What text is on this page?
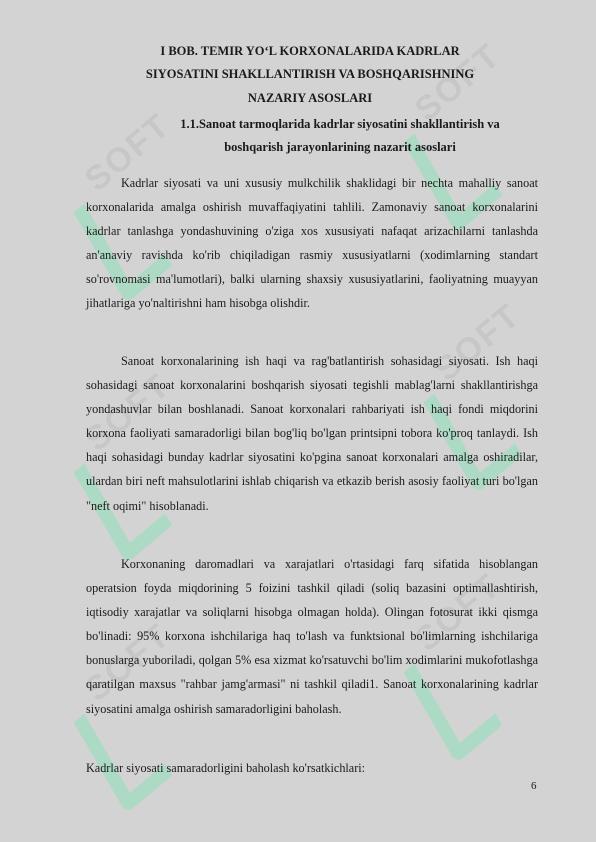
SOFT
SOFT
SOFT
SOFT
SOFT
SOFT
I BOB. TEMIR YO‘L KORXONALARIDA KADRLAR
SIYOSATINI SHAKLLANTIRISH VA BOSHQARISHNING
NAZARIY ASOSLARI
1.1.Sanoat tarmoqlarida kadrlar siyosatini shakllantirish va
boshqarish jarayonlarining nazarit asoslari

Kadrlar siyosati va uni xususiy mulkchilik shaklidagi bir nechta mahalliy sanoat korxonalarida amalga oshirish muvaffaqiyatini tahlili. Zamonaviy sanoat korxonalarini kadrlar tanlashga yondashuvining o'ziga xos xususiyati nafaqat arizachilarni tanlashda an'anaviy ravishda ko'rib chiqiladigan rasmiy xususiyatlarni (xodimlarning standart so'rovnomasi ma'lumotlari), balki ularning shaxsiy xususiyatlarini, faoliyatning muayyan jihatlariga yo'naltirishni ham hisobga olishdir.

Sanoat korxonalarining ish haqi va rag'batlantirish sohasidagi siyosati. Ish haqi sohasidagi sanoat korxonalarini boshqarish siyosati tegishli mablag'larni shakllantirishga yondashuvlar bilan boshlanadi. Sanoat korxonalari rahbariyati ish haqi fondi miqdorini korxona faoliyati samaradorligi bilan bog'liq bo'lgan printsipni tobora ko'proq tanlaydi. Ish haqi sohasidagi bunday kadrlar siyosatini ko'pgina sanoat korxonalari amalga oshiradilar, ulardan biri neft mahsulotlarini ishlab chiqarish va etkazib berish asosiy faoliyat turi bo'lgan "neft oqimi" hisoblanadi.

Korxonaning daromadlari va xarajatlari o'rtasidagi farq sifatida hisoblangan operatsion foyda miqdorining 5 foizini tashkil qiladi (soliq bazasini optimallashtirish, iqtisodiy xarajatlar va soliqlarni hisobga olmagan holda). Olingan fotosurat ikki qismga bo'linadi: 95% korxona ishchilariga haq to'lash va funktsional bo'limlarning ishchilariga bonuslarga yuboriladi, qolgan 5% esa xizmat ko'rsatuvchi bo'lim xodimlarini mukofotlashga qaratilgan maxsus "rahbar jamg'armasi" ni tashkil qiladi1. Sanoat korxonalarining kadrlar siyosatini amalga oshirish samaradorligini baholash.

Kadrlar siyosati samaradorligini baholash ko'rsatkichlari:

6
